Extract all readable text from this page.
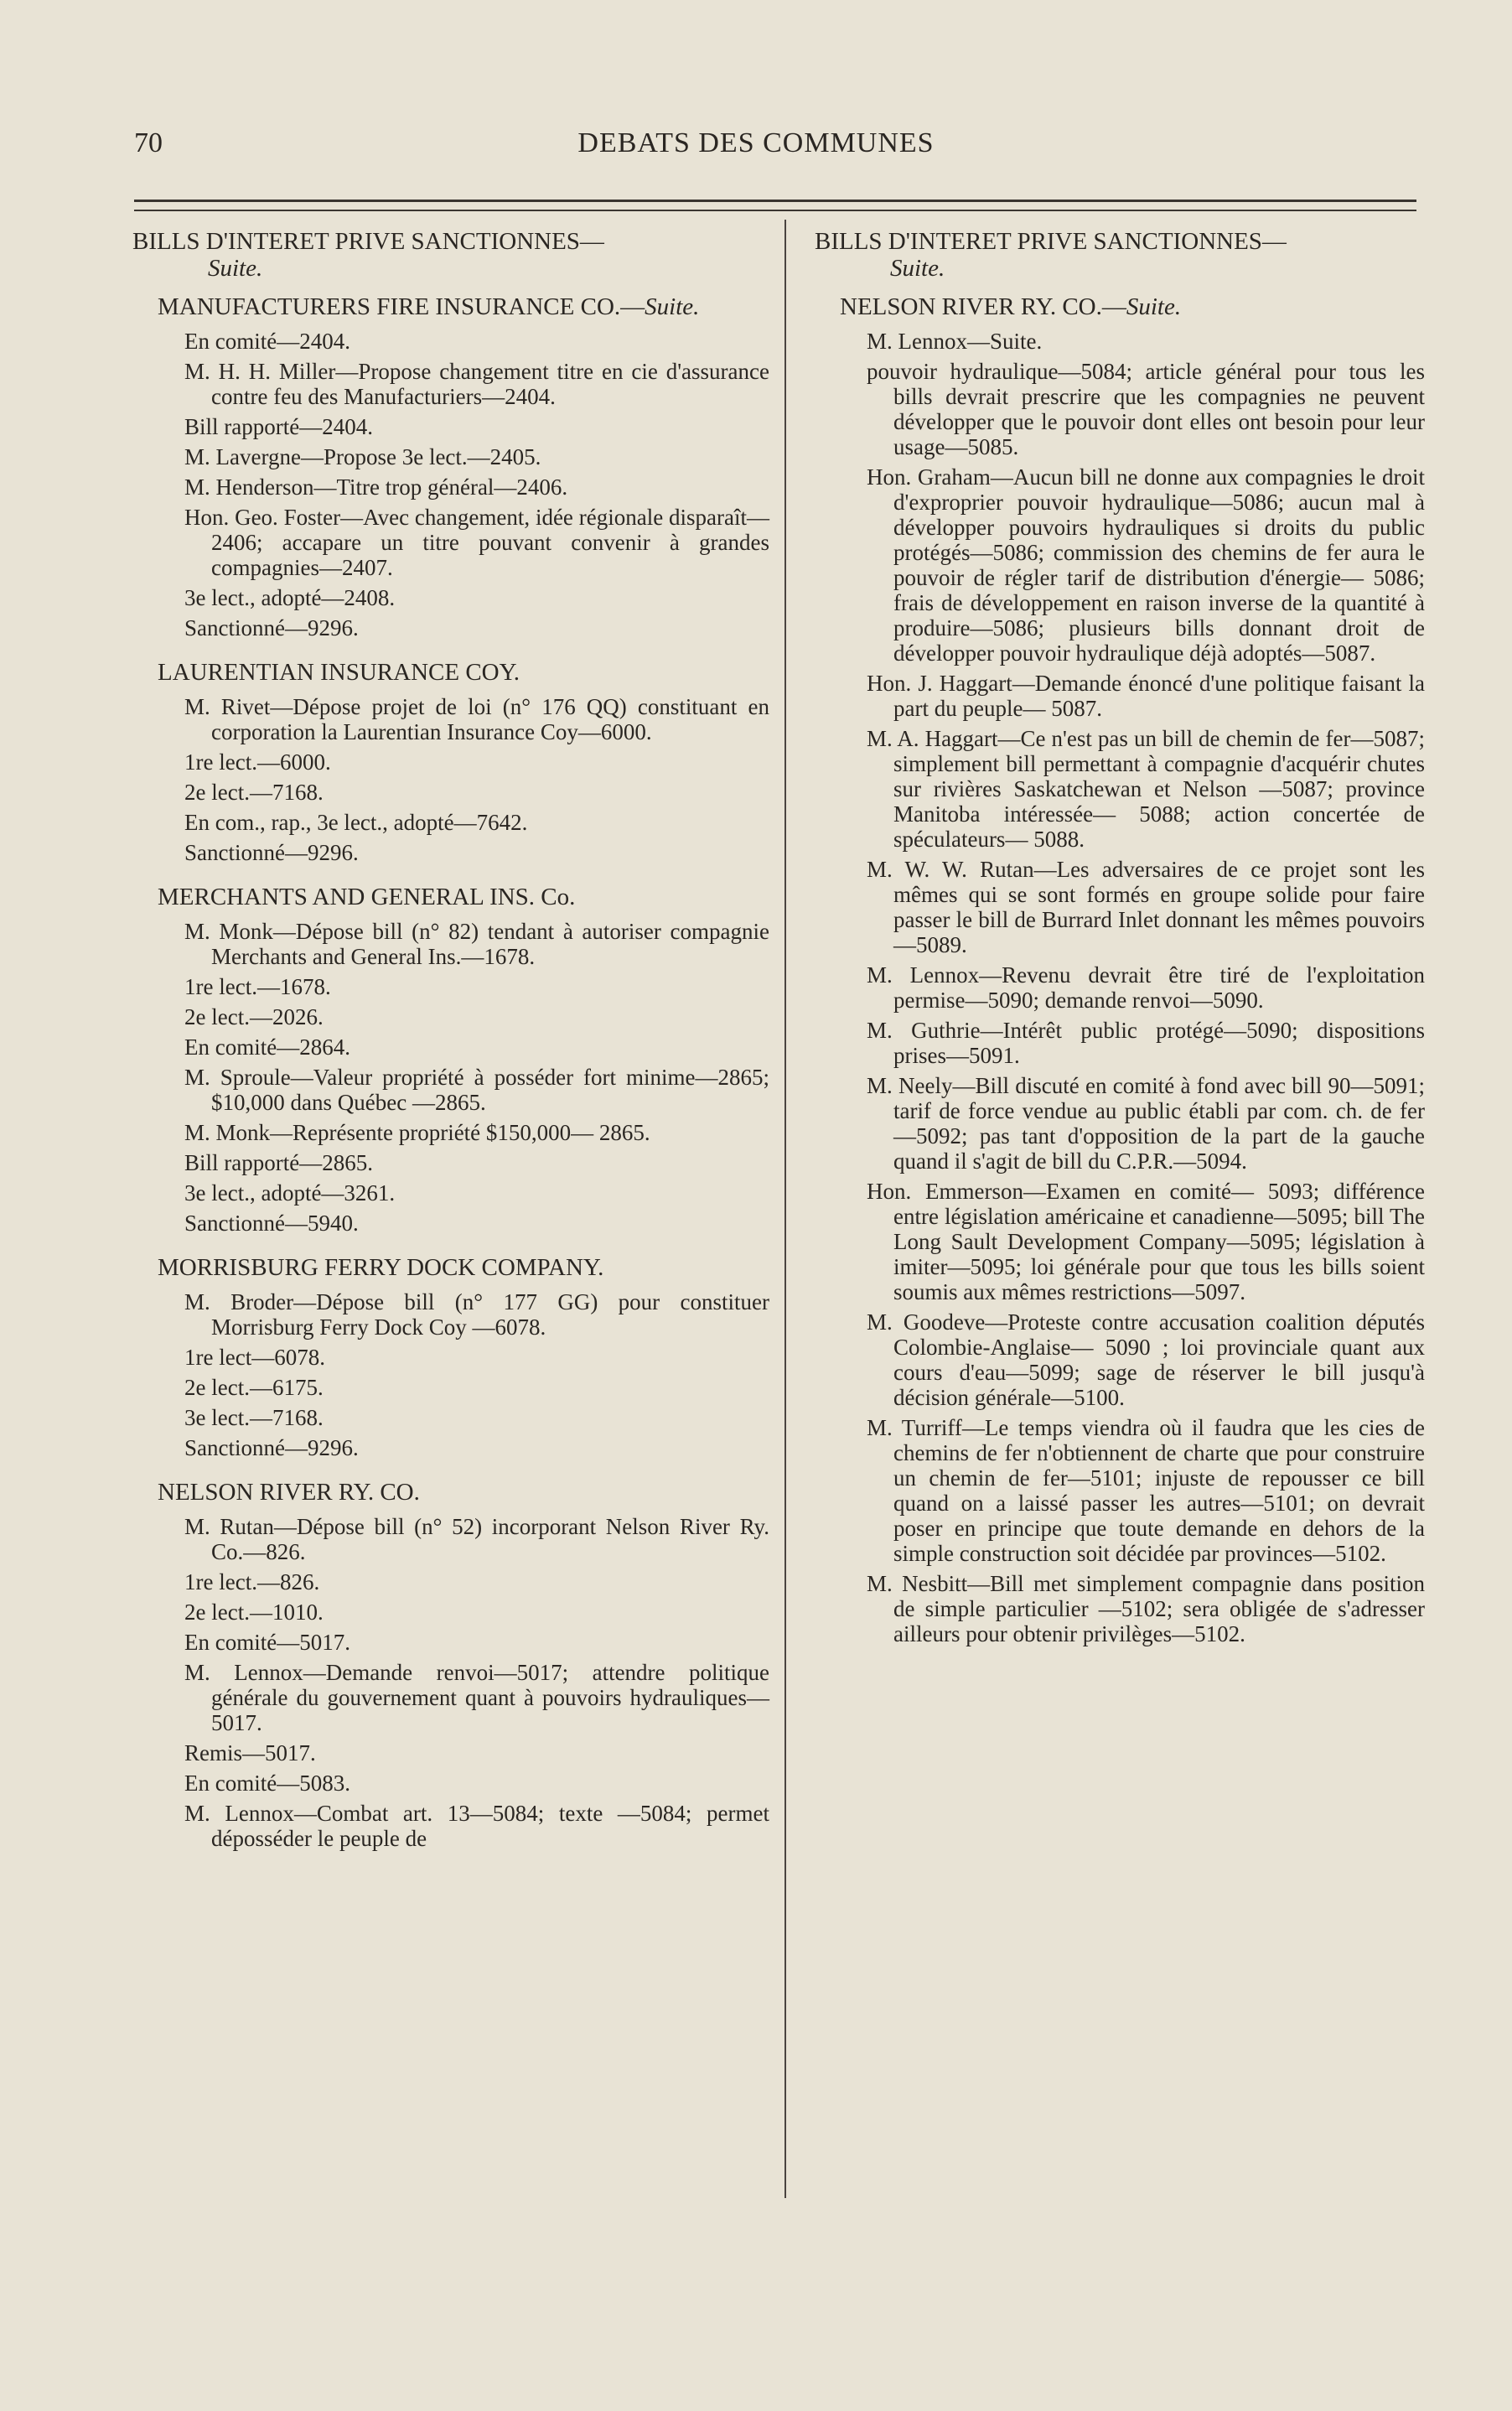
70	DEBATS DES COMMUNES
BILLS D'INTERET PRIVE SANCTIONNES—
Suite.
MANUFACTURERS FIRE INSURANCE CO.—Suite.
En comité—2404.
M. H. H. Miller—Propose changement titre en cie d'assurance contre feu des Manufacturiers—2404.
Bill rapporté—2404.
M. Lavergne—Propose 3e lect.—2405.
M. Henderson—Titre trop général—2406.
Hon. Geo. Foster—Avec changement, idée régionale disparaît—2406; accapare un titre pouvant convenir à grandes compagnies—2407.
3e lect., adopté—2408.
Sanctionné—9296.
LAURENTIAN INSURANCE COY.
M. Rivet—Dépose projet de loi (n° 176 QQ) constituant en corporation la Laurentian Insurance Coy—6000.
1re lect.—6000.
2e lect.—7168.
En com., rap., 3e lect., adopté—7642.
Sanctionné—9296.
MERCHANTS AND GENERAL INS. Co.
M. Monk—Dépose bill (n° 82) tendant à autoriser compagnie Merchants and General Ins.—1678.
1re lect.—1678.
2e lect.—2026.
En comité—2864.
M. Sproule—Valeur propriété à posséder fort minime—2865; $10,000 dans Québec —2865.
M. Monk—Représente propriété $150,000— 2865.
Bill rapporté—2865.
3e lect., adopté—3261.
Sanctionné—5940.
MORRISBURG FERRY DOCK COMPANY.
M. Broder—Dépose bill (n° 177 GG) pour constituer Morrisburg Ferry Dock Coy —6078.
1re lect—6078.
2e lect.—6175.
3e lect.—7168.
Sanctionné—9296.
NELSON RIVER RY. CO.
M. Rutan—Dépose bill (n° 52) incorporant Nelson River Ry. Co.—826.
1re lect.—826.
2e lect.—1010.
En comité—5017.
M. Lennox—Demande renvoi—5017; attendre politique générale du gouvernement quant à pouvoirs hydrauliques—5017.
Remis—5017.
En comité—5083.
M. Lennox—Combat art. 13—5084; texte —5084; permet déposséder le peuple de
BILLS D'INTERET PRIVE SANCTIONNES—
Suite.
NELSON RIVER RY. CO.—Suite.
M. Lennox—Suite.
pouvoir hydraulique—5084; article général pour tous les bills devrait prescrire que les compagnies ne peuvent développer que le pouvoir dont elles ont besoin pour leur usage—5085.
Hon. Graham—Aucun bill ne donne aux compagnies le droit d'exproprier pouvoir hydraulique—5086; aucun mal à développer pouvoirs hydrauliques si droits du public protégés—5086; commission des chemins de fer aura le pouvoir de régler tarif de distribution d'énergie— 5086; frais de développement en raison inverse de la quantité à produire—5086; plusieurs bills donnant droit de développer pouvoir hydraulique déjà adoptés—5087.
Hon. J. Haggart—Demande énoncé d'une politique faisant la part du peuple— 5087.
M. A. Haggart—Ce n'est pas un bill de chemin de fer—5087; simplement bill permettant à compagnie d'acquérir chutes sur rivières Saskatchewan et Nelson —5087; province Manitoba intéressée— 5088; action concertée de spéculateurs— 5088.
M. W. W. Rutan—Les adversaires de ce projet sont les mêmes qui se sont formés en groupe solide pour faire passer le bill de Burrard Inlet donnant les mêmes pouvoirs—5089.
M. Lennox—Revenu devrait être tiré de l'exploitation permise—5090; demande renvoi—5090.
M. Guthrie—Intérêt public protégé—5090; dispositions prises—5091.
M. Neely—Bill discuté en comité à fond avec bill 90—5091; tarif de force vendue au public établi par com. ch. de fer —5092; pas tant d'opposition de la part de la gauche quand il s'agit de bill du C.P.R.—5094.
Hon. Emmerson—Examen en comité— 5093; différence entre législation américaine et canadienne—5095; bill The Long Sault Development Company—5095; législation à imiter—5095; loi générale pour que tous les bills soient soumis aux mêmes restrictions—5097.
M. Goodeve—Proteste contre accusation coalition députés Colombie-Anglaise— 5090 ; loi provinciale quant aux cours d'eau—5099; sage de réserver le bill jusqu'à décision générale—5100.
M. Turriff—Le temps viendra où il faudra que les cies de chemins de fer n'obtiennent de charte que pour construire un chemin de fer—5101; injuste de repousser ce bill quand on a laissé passer les autres—5101; on devrait poser en principe que toute demande en dehors de la simple construction soit décidée par provinces—5102.
M. Nesbitt—Bill met simplement compagnie dans position de simple particulier —5102; sera obligée de s'adresser ailleurs pour obtenir privilèges—5102.
